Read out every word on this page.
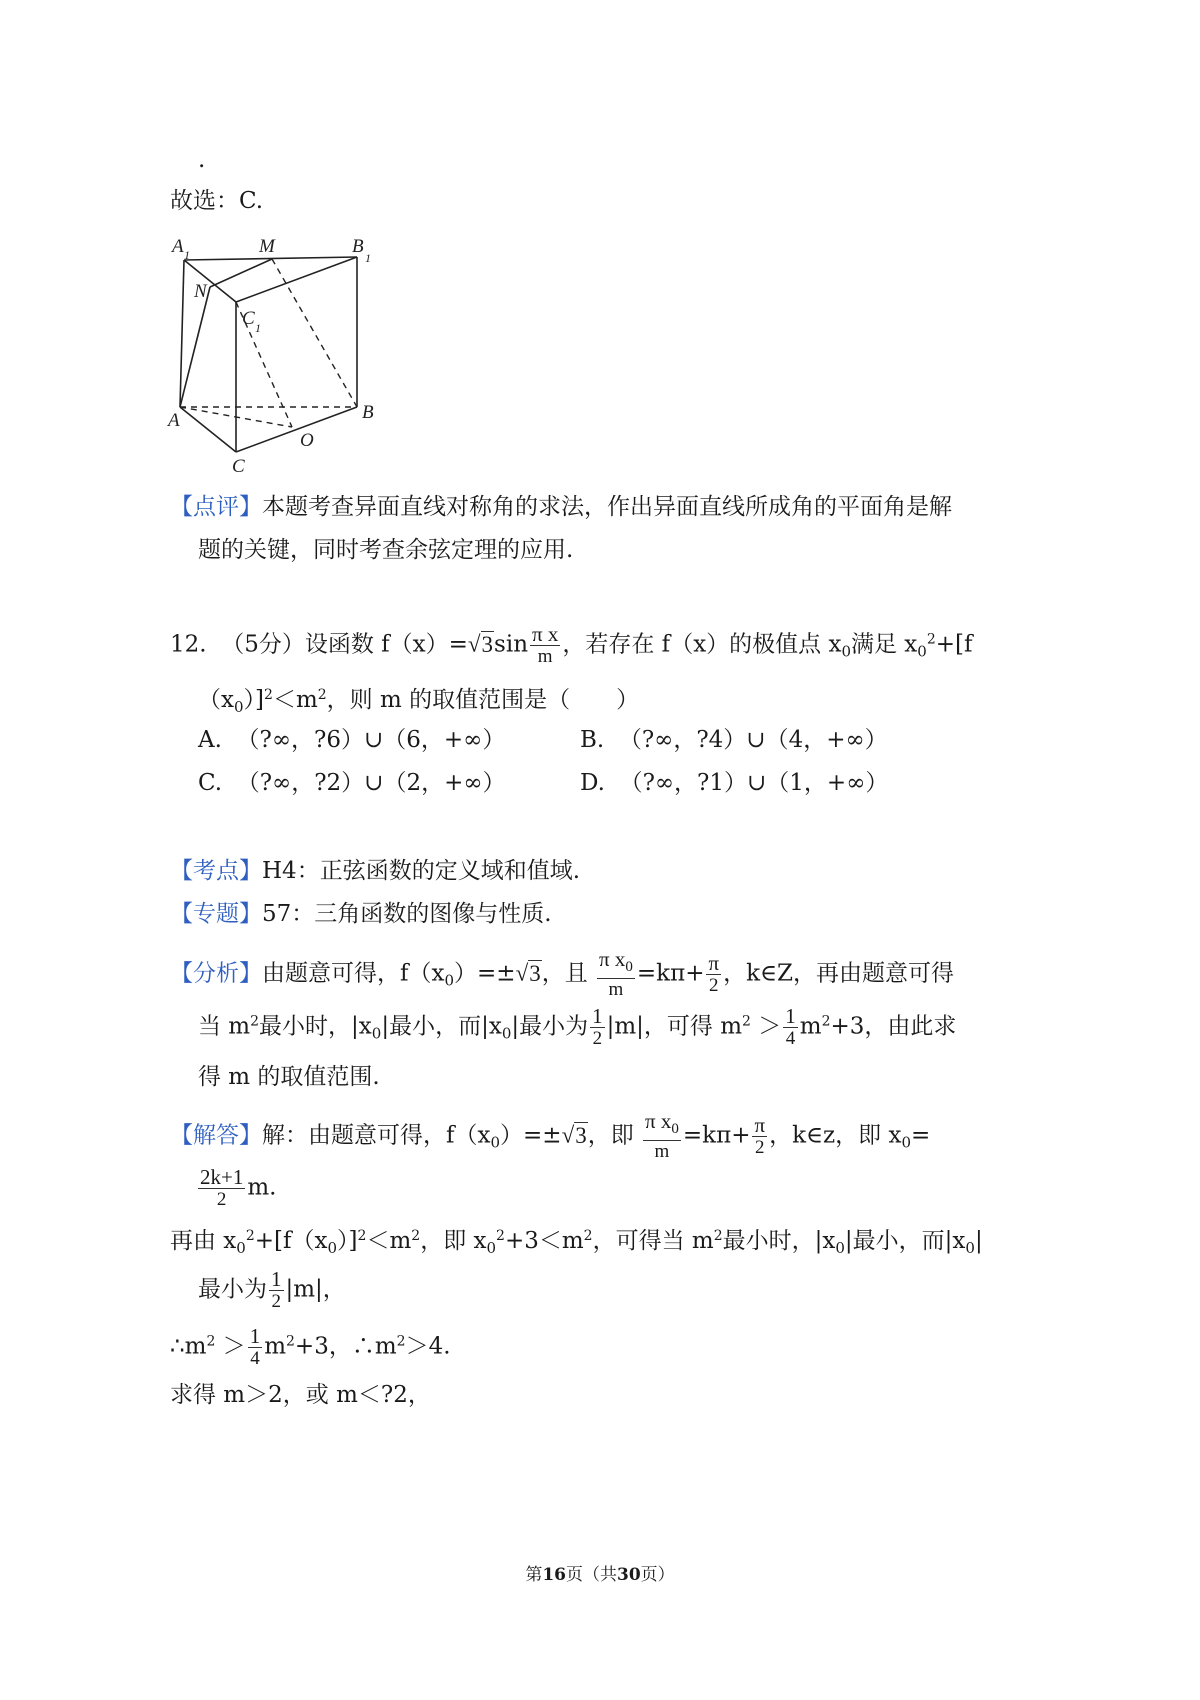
.
故选：C.
A 1	M	B
1
N
C 1
A	B
O
C
【点评】本题考查异面直线对称角的求法，作出异面直线所成角的平面角是解
题的关键，同时考查余弦定理的应用.
12. （5分）设函数 $f(x)=√3\sin \frac{\text{π x}}{m}$ ，若存在 f（x）的极值点 $x_0$满足 $x_0^2+[f$
$(x_0)]^2<m^2$，则 m 的取值范围是（　　）
A. （?∞，?6）∪（6，+∞）	B. （?∞，?4）∪（4，+∞）
C. （?∞，?2）∪（2，+∞）	D. （?∞，?1）∪（1，+∞）
【考点】H4：正弦函数的定义域和值域.
【专题】57：三角函数的图像与性质.
【分析】由题意可得，$f(x_0)=\pm√3$，且 $\frac{\pi x_0}{m} =k\pi+ \frac{\pi}{2}$ ，k∈Z，再由题意可得
当 $m^2$最小时，$|x_0|$最小，而$|x_0|$最小为 $\frac{1}{2} |m|$，可得 $m^2 > \frac{1}{4} m^2+3$，由此求
得 m 的取值范围.
【解答】解：由题意可得，$f(x_0)=\pm√3$，即 $\frac{\pi x_0}{m} =k\pi+ \frac{\pi}{2}$ ，k∈z，即 $x_0=$
$\frac{2k+1}{2} m$.
再由 $x_0^2+[f(x_0)]^2<m^2$，即 $x_0^2+3<m^2$，可得当 $m^2$最小时，$|x_0|$最小，而$|x_0|$
最小为 $\frac{1}{2} |m|$，
$\therefore m^2 > \frac{1}{4} m^2+3$，$\therefore m^2>4$.
求得 m＞2，或 m＜?2，
第16页（共30页）
